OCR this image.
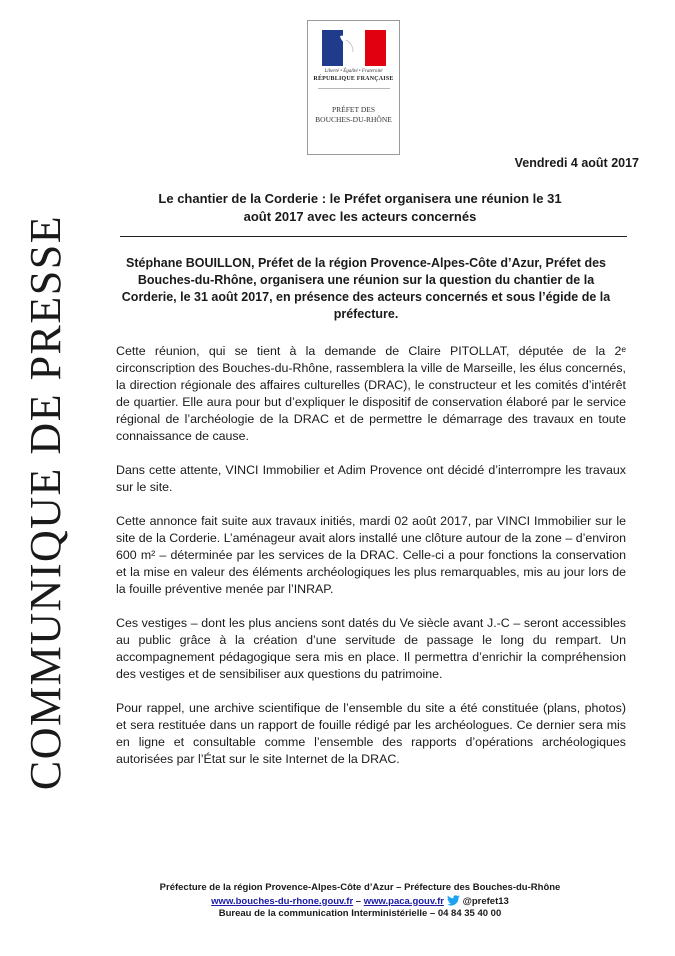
Liberté • Égalité • Fraternité
RÉPUBLIQUE FRANÇAISE
PRÉFET DES
BOUCHES-DU-RHÔNE
COMMUNIQUE DE PRESSE
Vendredi 4 août 2017
Le chantier de la Corderie : le Préfet organisera une réunion le 31 août 2017 avec les acteurs concernés
Stéphane BOUILLON, Préfet de la région Provence-Alpes-Côte d’Azur, Préfet des Bouches-du-Rhône, organisera une réunion sur la question du chantier de la Corderie, le 31 août 2017, en présence des acteurs concernés et sous l’égide de la préfecture.

Cette réunion, qui se tient à la demande de Claire PITOLLAT, députée de la 2ᵉ circonscription des Bouches-du-Rhône, rassemblera la ville de Marseille, les élus concernés, la direction régionale des affaires culturelles (DRAC), le constructeur et les comités d’intérêt de quartier. Elle aura pour but d’expliquer le dispositif de conservation élaboré par le service régional de l’archéologie de la DRAC et de permettre le démarrage des travaux en toute connaissance de cause.

Dans cette attente, VINCI Immobilier et Adim Provence ont décidé d’interrompre les travaux sur le site.

Cette annonce fait suite aux travaux initiés, mardi 02 août 2017, par VINCI Immobilier sur le site de la Corderie. L’aménageur avait alors installé une clôture autour de la zone – d’environ 600 m² – déterminée par les services de la DRAC. Celle-ci a pour fonctions la conservation et la mise en valeur des éléments archéologiques les plus remarquables, mis au jour lors de la fouille préventive menée par l’INRAP.

Ces vestiges – dont les plus anciens sont datés du Ve siècle avant J.-C – seront accessibles au public grâce à la création d’une servitude de passage le long du rempart. Un accompagnement pédagogique sera mis en place. Il permettra d’enrichir la compréhension des vestiges et de sensibiliser aux questions du patrimoine.

Pour rappel, une archive scientifique de l’ensemble du site a été constituée (plans, photos) et sera restituée dans un rapport de fouille rédigé par les archéologues. Ce dernier sera mis en ligne et consultable comme l’ensemble des rapports d’opérations archéologiques autorisées par l’État sur le site Internet de la DRAC.

Préfecture de la région Provence-Alpes-Côte d’Azur – Préfecture des Bouches-du-Rhône
www.bouches-du-rhone.gouv.fr – www.paca.gouv.fr @prefet13
Bureau de la communication Interministérielle – 04 84 35 40 00
